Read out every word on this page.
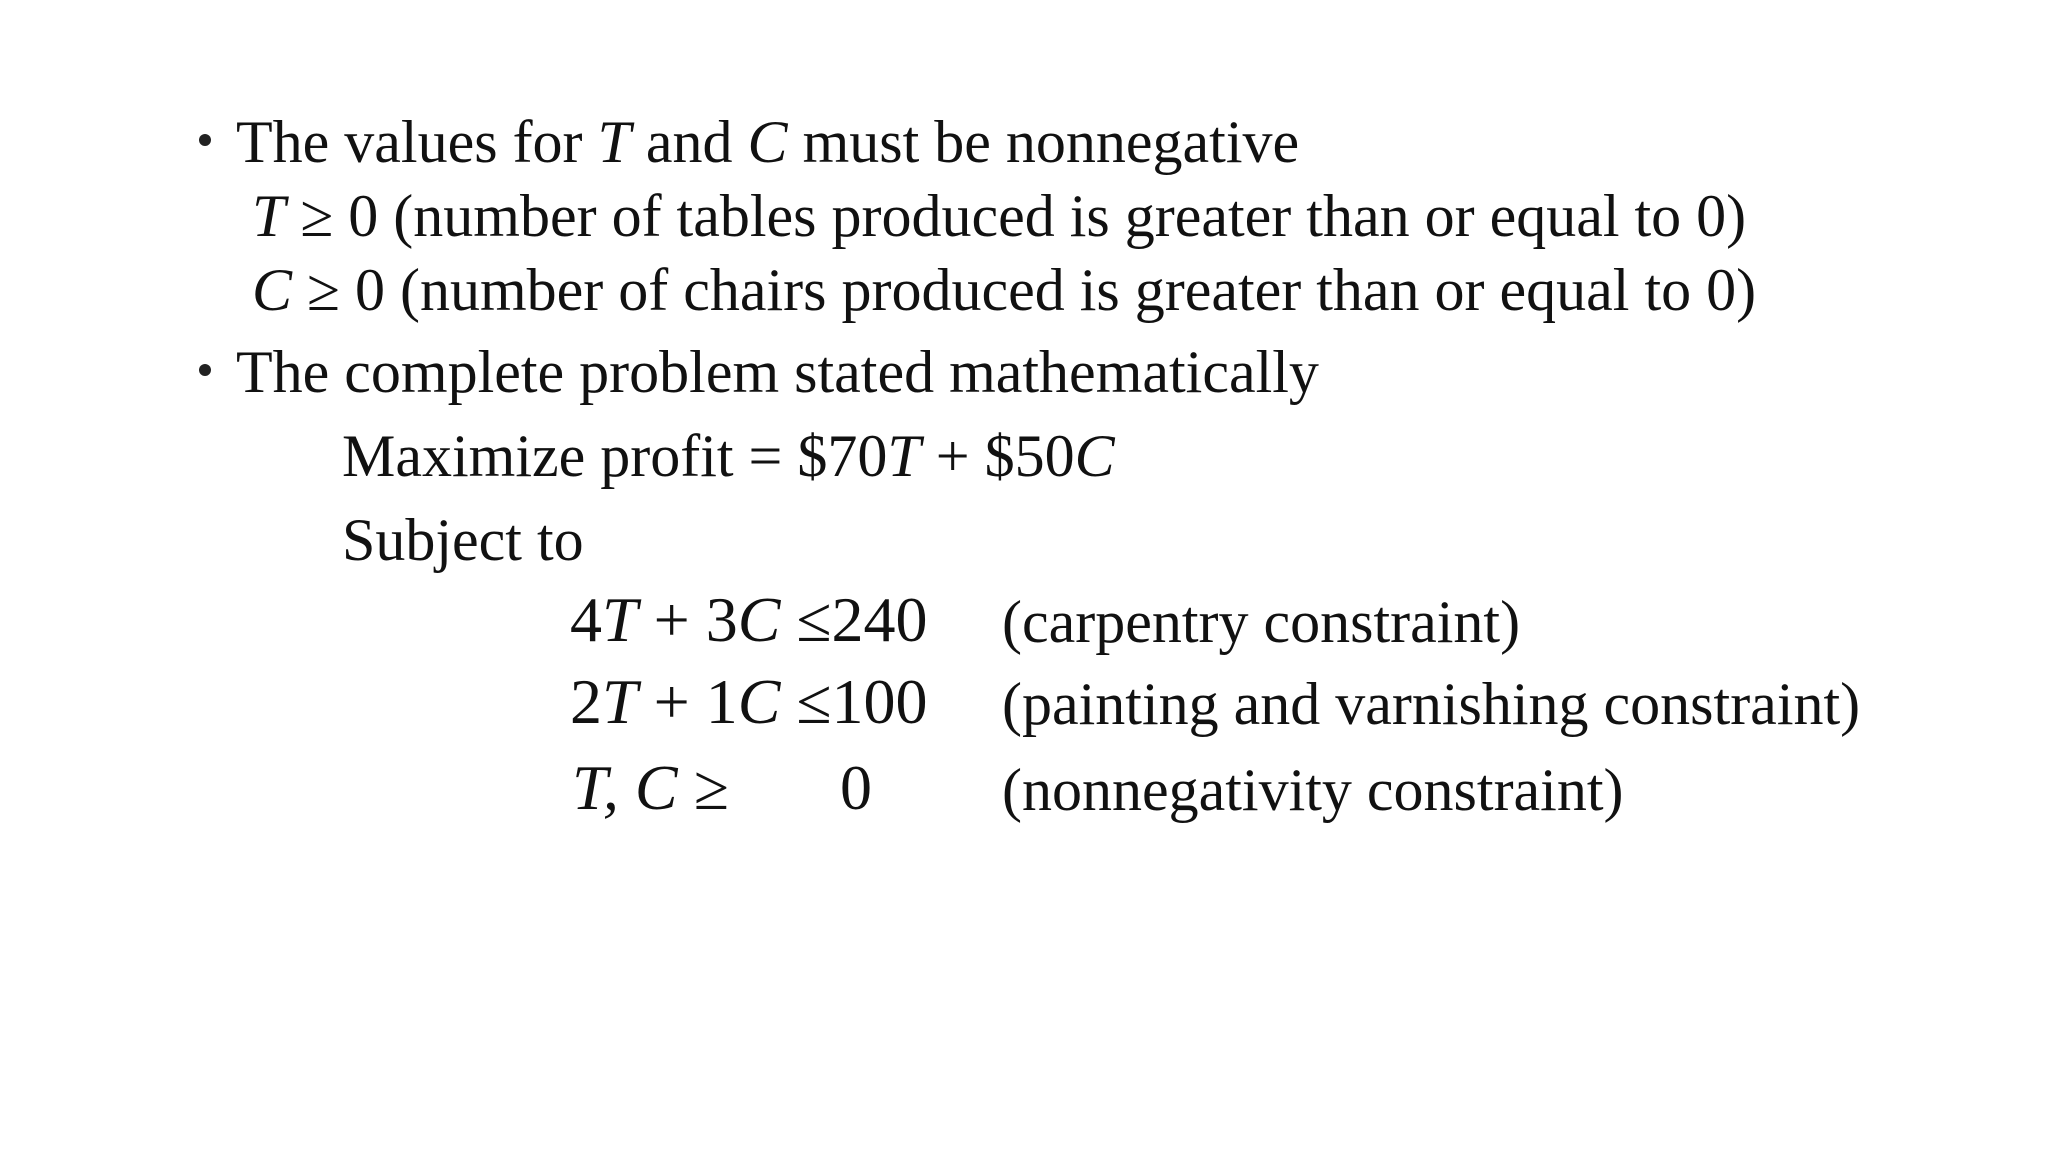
The values for T and C must be nonnegative
T ≥ 0 (number of tables produced is greater than or equal to 0)
C ≥ 0 (number of chairs produced is greater than or equal to 0)
The complete problem stated mathematically
Maximize profit = $70T + $50C
Subject to
4T + 3C ≤240 (carpentry constraint)
2T + 1C ≤100 (painting and varnishing constraint)
T, C ≥ 0 (nonnegativity constraint)
